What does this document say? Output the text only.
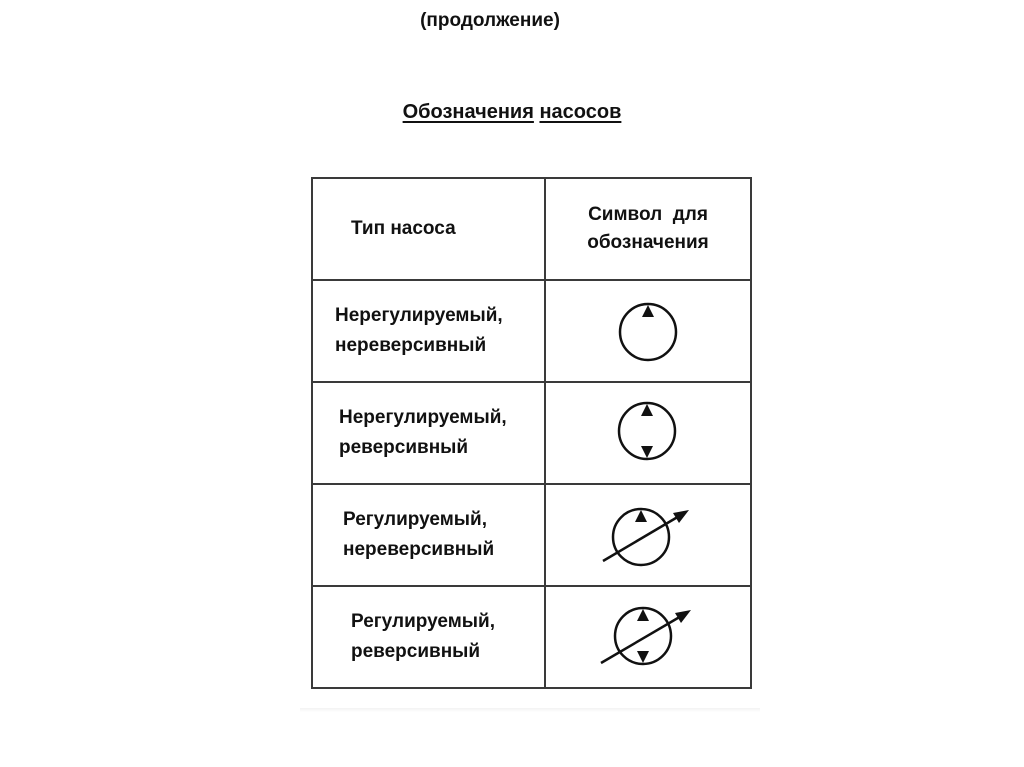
(продолжение)
Обозначения насосов
Тип насоса	Символ  для
обозначения

Нерегулируемый,
нереверсивный

Нерегулируемый,
реверсивный

Регулируемый,
нереверсивный

Регулируемый,
реверсивный
